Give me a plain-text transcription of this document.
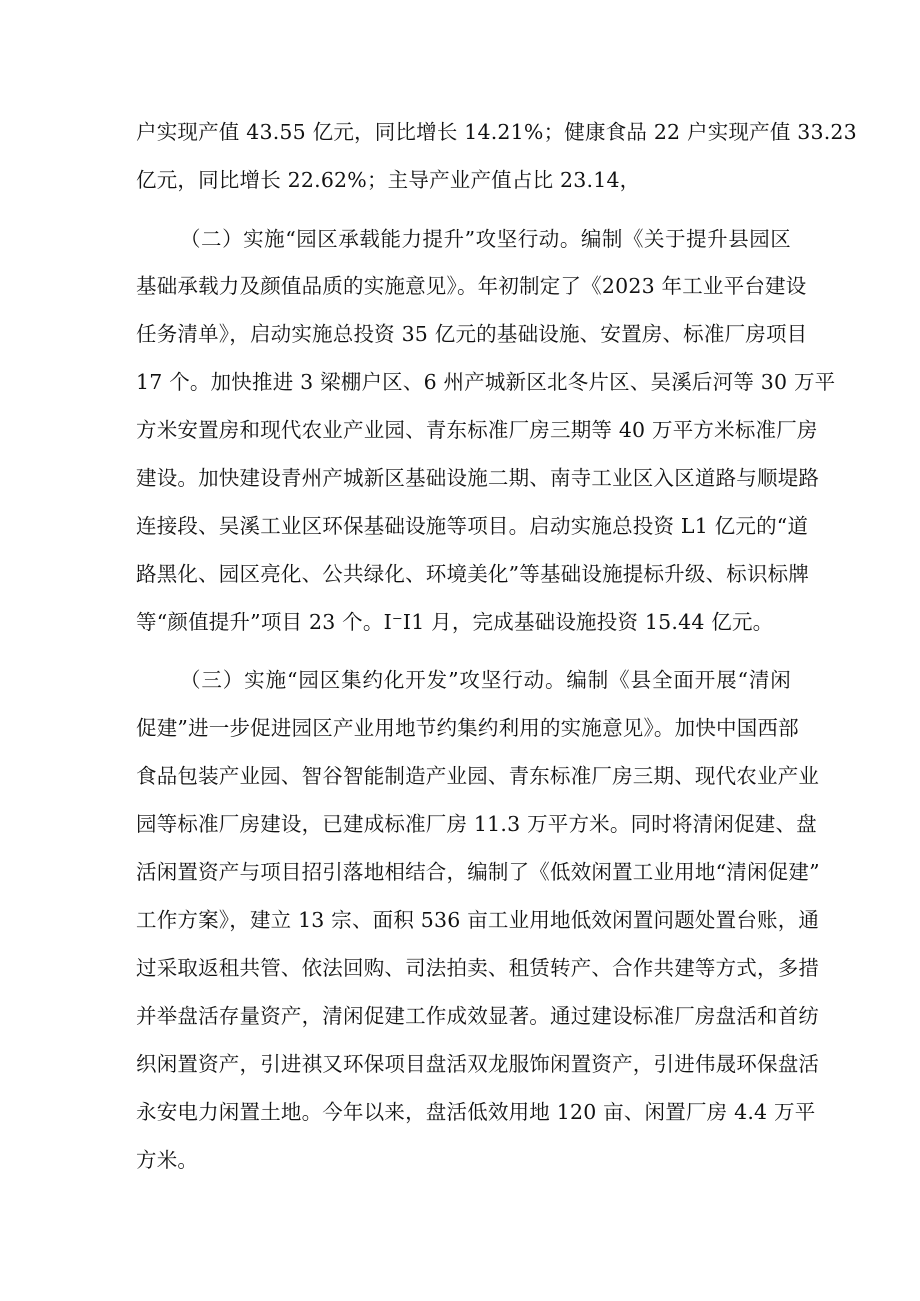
户实现产值 43.55 亿元，同比增长 14.21%；健康食品 22 户实现产值 33.23
亿元，同比增长 22.62%；主导产业产值占比 23.14，
（二）实施“园区承载能力提升”攻坚行动。编制《关于提升县园区
基础承载力及颜值品质的实施意见》。年初制定了《2023 年工业平台建设
任务清单》，启动实施总投资 35 亿元的基础设施、安置房、标准厂房项目
17 个。加快推进 3 梁棚户区、6 州产城新区北冬片区、吴溪后河等 30 万平
方米安置房和现代农业产业园、青东标准厂房三期等 40 万平方米标准厂房
建设。加快建设青州产城新区基础设施二期、南寺工业区入区道路与顺堤路
连接段、吴溪工业区环保基础设施等项目。启动实施总投资 L1 亿元的“道
路黑化、园区亮化、公共绿化、环境美化”等基础设施提标升级、标识标牌
等“颜值提升”项目 23 个。I⁻I1 月，完成基础设施投资 15.44 亿元。
（三）实施“园区集约化开发”攻坚行动。编制《县全面开展“清闲
促建”进一步促进园区产业用地节约集约利用的实施意见》。加快中国西部
食品包装产业园、智谷智能制造产业园、青东标准厂房三期、现代农业产业
园等标准厂房建设，已建成标准厂房 11.3 万平方米。同时将清闲促建、盘
活闲置资产与项目招引落地相结合，编制了《低效闲置工业用地“清闲促建”
工作方案》，建立 13 宗、面积 536 亩工业用地低效闲置问题处置台账，通
过采取返租共管、依法回购、司法拍卖、租赁转产、合作共建等方式，多措
并举盘活存量资产，清闲促建工作成效显著。通过建设标准厂房盘活和首纺
织闲置资产，引进祺又环保项目盘活双龙服饰闲置资产，引进伟晟环保盘活
永安电力闲置土地。今年以来，盘活低效用地 120 亩、闲置厂房 4.4 万平
方米。
